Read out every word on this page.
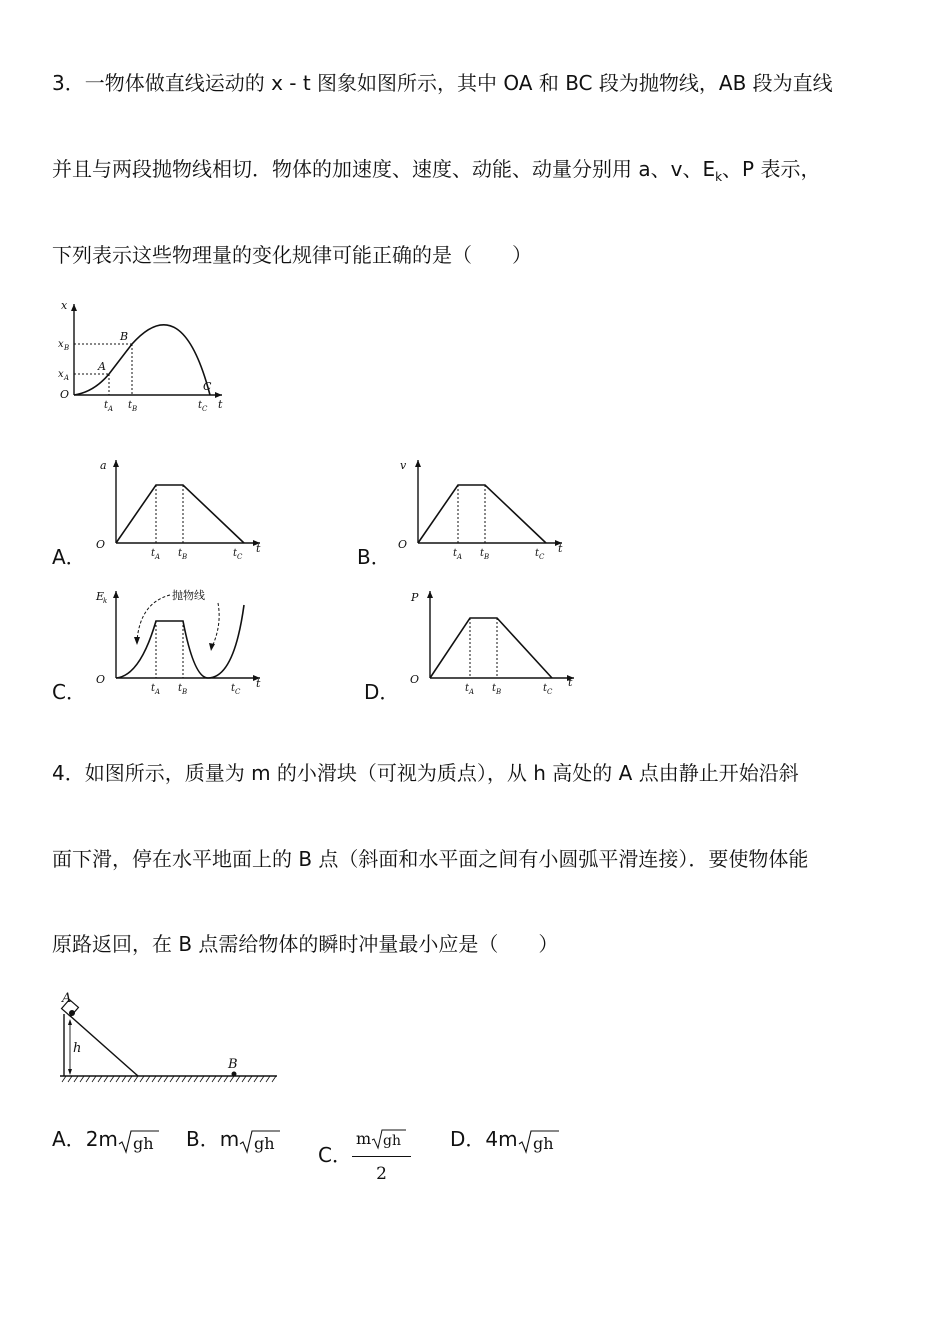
3．一物体做直线运动的 x - t 图象如图所示，其中 OA 和 BC 段为抛物线，AB 段为直线
并且与两段抛物线相切．物体的加速度、速度、动能、动量分别用 a、v、$E_k$、P 表示，
下列表示这些物理量的变化规律可能正确的是（　　）
x
x B
x A
O
A
B
C
t A t B	t C t
A．
a
O
t A t B	t C
t	B．
v
O
t A t B	t C
t
C．
抛物线
E
k
O
t A t B	t C
t	D．
P
O
t A t B	t C
t
4．如图所示，质量为 m 的小滑块（可视为质点），从 h 高处的 A 点由静止开始沿斜
面下滑，停在水平地面上的 B 点（斜面和水平面之间有小圆弧平滑连接）．要使物体能
原路返回，在 B 点需给物体的瞬时冲量最小应是（　　）
A
h
B
A．2m gh B．m gh C． $\frac{\text{m gh}}{2}$ D．4m gh
